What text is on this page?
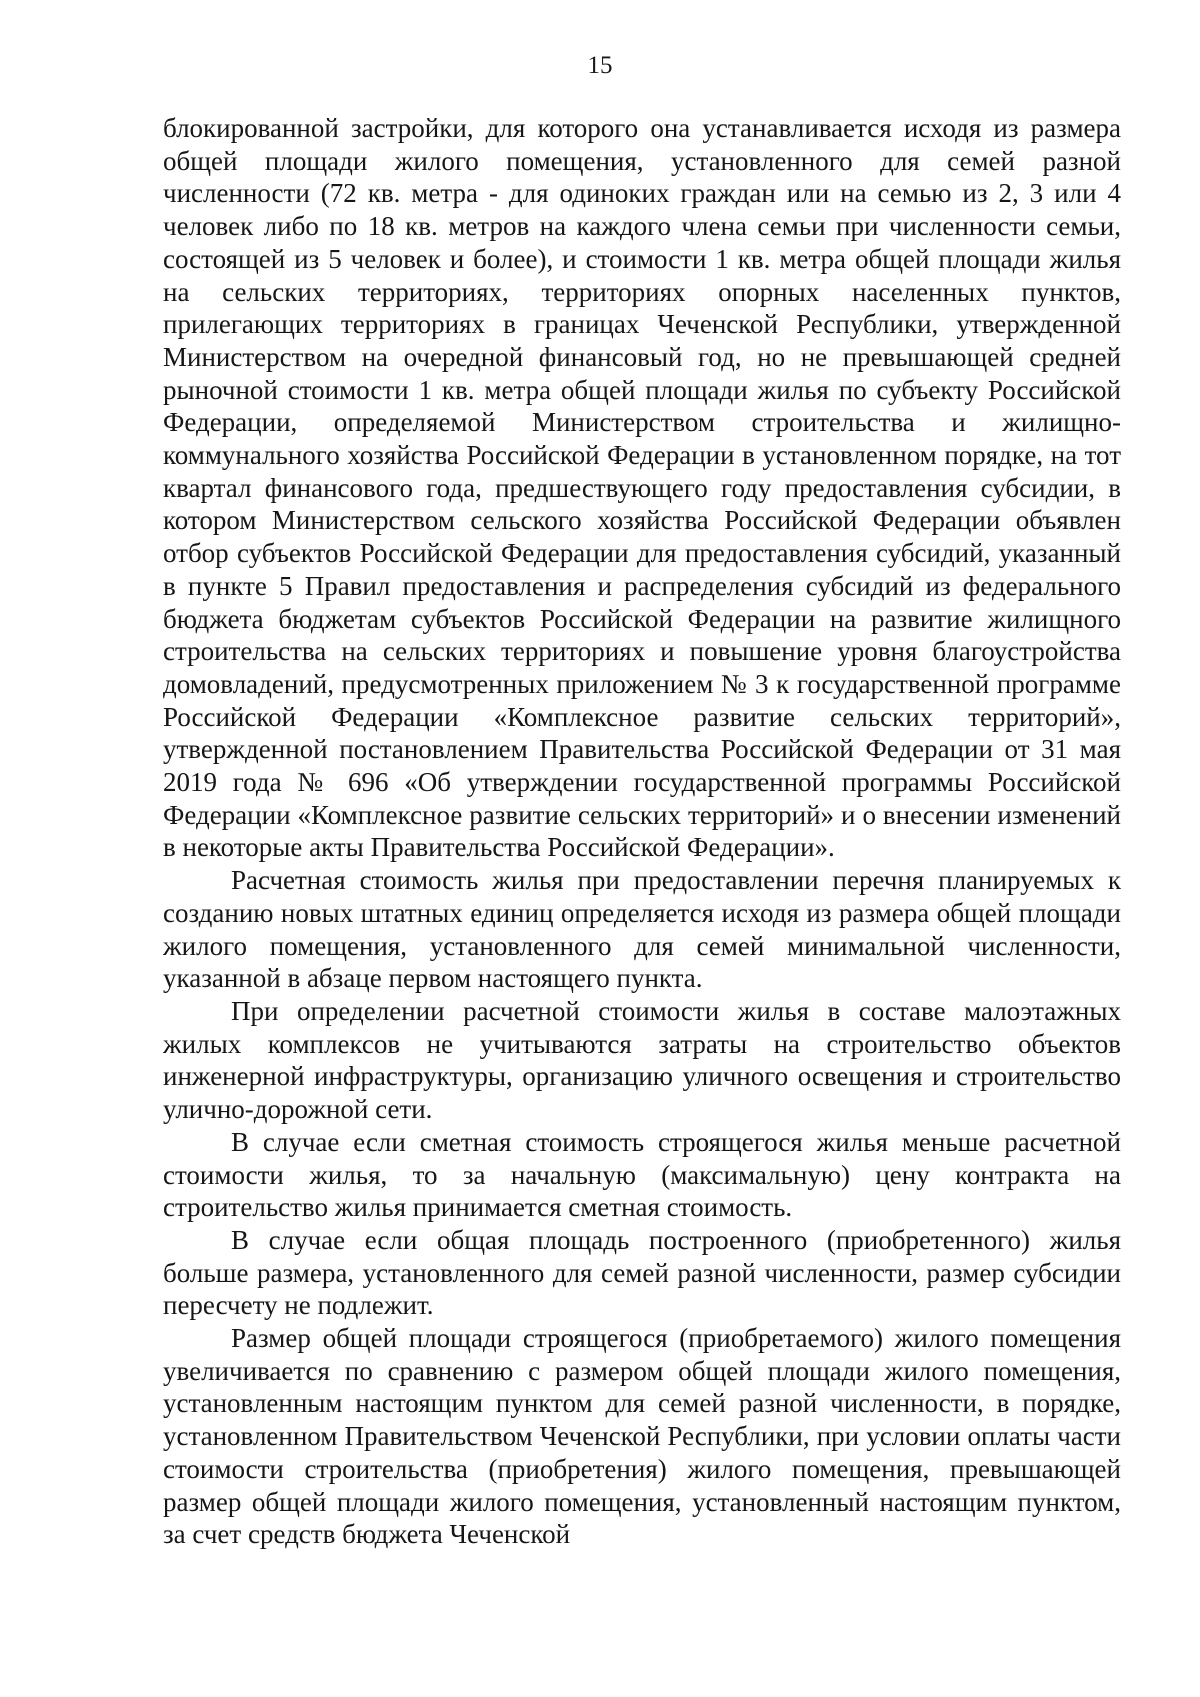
15

блокированной застройки, для которого она устанавливается исходя из размера общей площади жилого помещения, установленного для семей разной численности (72 кв. метра - для одиноких граждан или на семью из 2, 3 или 4 человек либо по 18 кв. метров на каждого члена семьи при численности семьи, состоящей из 5 человек и более), и стоимости 1 кв. метра общей площади жилья на сельских территориях, территориях опорных населенных пунктов, прилегающих территориях в границах Чеченской Республики, утвержденной Министерством на очередной финансовый год, но не превышающей средней рыночной стоимости 1 кв. метра общей площади жилья по субъекту Российской Федерации, определяемой Министерством строительства и жилищно-коммунального хозяйства Российской Федерации в установленном порядке, на тот квартал финансового года, предшествующего году предоставления субсидии, в котором Министерством сельского хозяйства Российской Федерации объявлен отбор субъектов Российской Федерации для предоставления субсидий, указанный в пункте 5 Правил предоставления и распределения субсидий из федерального бюджета бюджетам субъектов Российской Федерации на развитие жилищного строительства на сельских территориях и повышение уровня благоустройства домовладений, предусмотренных приложением № 3 к государственной программе Российской Федерации «Комплексное развитие сельских территорий», утвержденной постановлением Правительства Российской Федерации от 31 мая 2019 года № 696 «Об утверждении государственной программы Российской Федерации «Комплексное развитие сельских территорий» и о внесении изменений в некоторые акты Правительства Российской Федерации».

Расчетная стоимость жилья при предоставлении перечня планируемых к созданию новых штатных единиц определяется исходя из размера общей площади жилого помещения, установленного для семей минимальной численности, указанной в абзаце первом настоящего пункта.

При определении расчетной стоимости жилья в составе малоэтажных жилых комплексов не учитываются затраты на строительство объектов инженерной инфраструктуры, организацию уличного освещения и строительство улично-дорожной сети.

В случае если сметная стоимость строящегося жилья меньше расчетной стоимости жилья, то за начальную (максимальную) цену контракта на строительство жилья принимается сметная стоимость.

В случае если общая площадь построенного (приобретенного) жилья больше размера, установленного для семей разной численности, размер субсидии пересчету не подлежит.

Размер общей площади строящегося (приобретаемого) жилого помещения увеличивается по сравнению с размером общей площади жилого помещения, установленным настоящим пунктом для семей разной численности, в порядке, установленном Правительством Чеченской Республики, при условии оплаты части стоимости строительства (приобретения) жилого помещения, превышающей размер общей площади жилого помещения, установленный настоящим пунктом, за счет средств бюджета Чеченской
